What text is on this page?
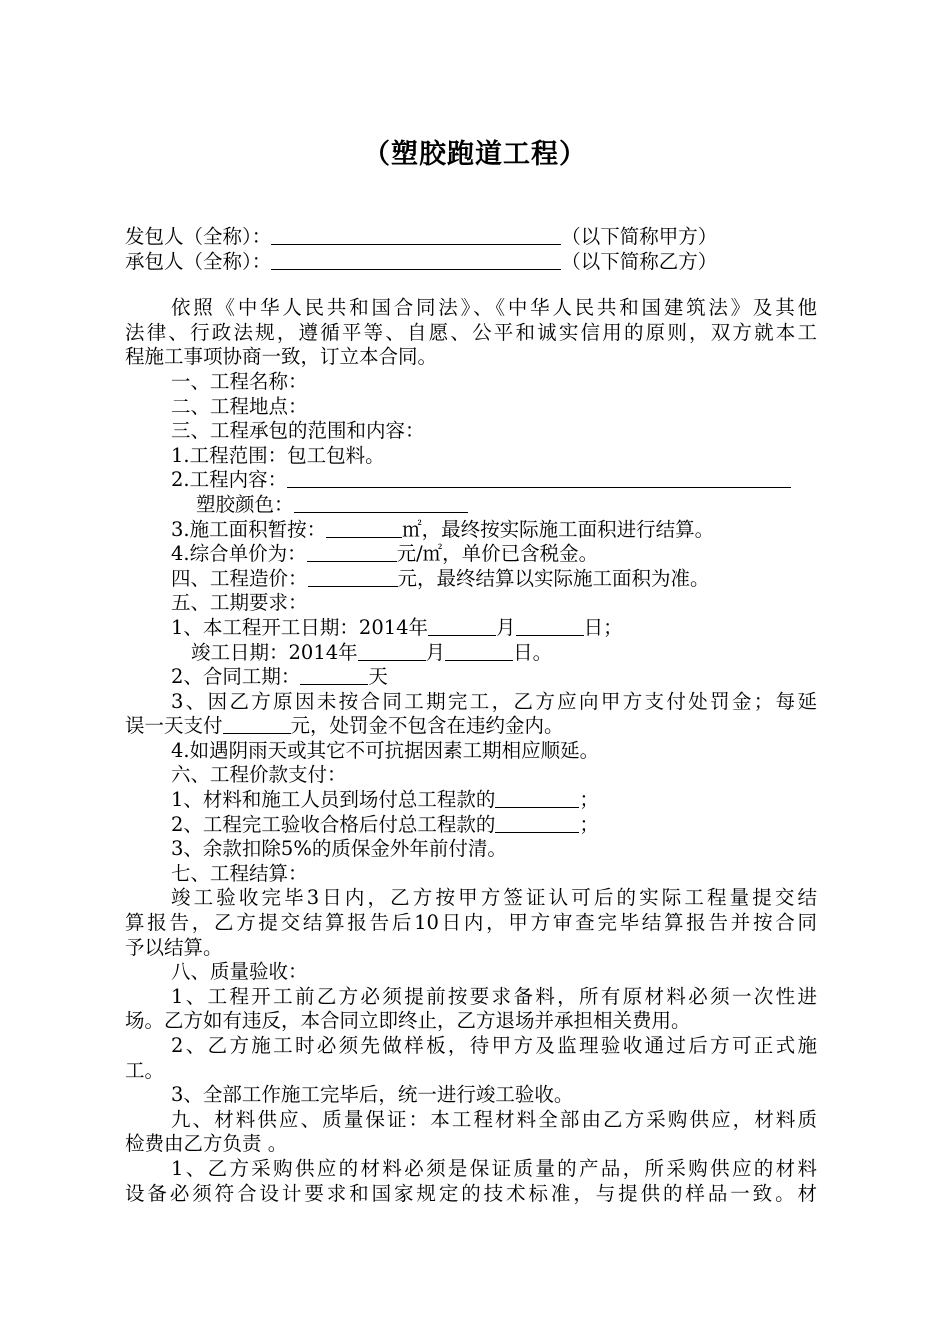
（塑胶跑道工程）
发包人（全称）：	（以下简称甲方）
承包人（全称）：	（以下简称乙方）
依照《中华人民共和国合同法》、《中华人民共和国建筑法》及其他
法律、行政法规，遵循平等、自愿、公平和诚实信用的原则，双方就本工
程施工事项协商一致，订立本合同。
一、工程名称：
二、工程地点：
三、工程承包的范围和内容：
1.工程范围：包工包料。
2.工程内容：
塑胶颜色：
3.施工面积暂按：	㎡，最终按实际施工面积进行结算。
4.综合单价为：	元/㎡，单价已含税金。
四、工程造价：	元，最终结算以实际施工面积为准。
五、工期要求：
1、本工程开工日期：2014年	月	日；
竣工日期：2014年	月	日。
2、合同工期：	天
3、因乙方原因未按合同工期完工，乙方应向甲方支付处罚金；每延
误一天支付	元，处罚金不包含在违约金内。
4.如遇阴雨天或其它不可抗据因素工期相应顺延。
六、工程价款支付：
1、材料和施工人员到场付总工程款的	；
2、工程完工验收合格后付总工程款的	；
3、余款扣除5%的质保金外年前付清。
七、工程结算：
竣工验收完毕3日内，乙方按甲方签证认可后的实际工程量提交结
算报告，乙方提交结算报告后10日内，甲方审查完毕结算报告并按合同
予以结算。
八、质量验收：
1、工程开工前乙方必须提前按要求备料，所有原材料必须一次性进
场。乙方如有违反，本合同立即终止，乙方退场并承担相关费用。
2、乙方施工时必须先做样板，待甲方及监理验收通过后方可正式施
工。
3、全部工作施工完毕后，统一进行竣工验收。
九、材料供应、质量保证：本工程材料全部由乙方采购供应，材料质
检费由乙方负责 。
1、乙方采购供应的材料必须是保证质量的产品，所采购供应的材料
设备必须符合设计要求和国家规定的技术标准，与提供的样品一致。材
